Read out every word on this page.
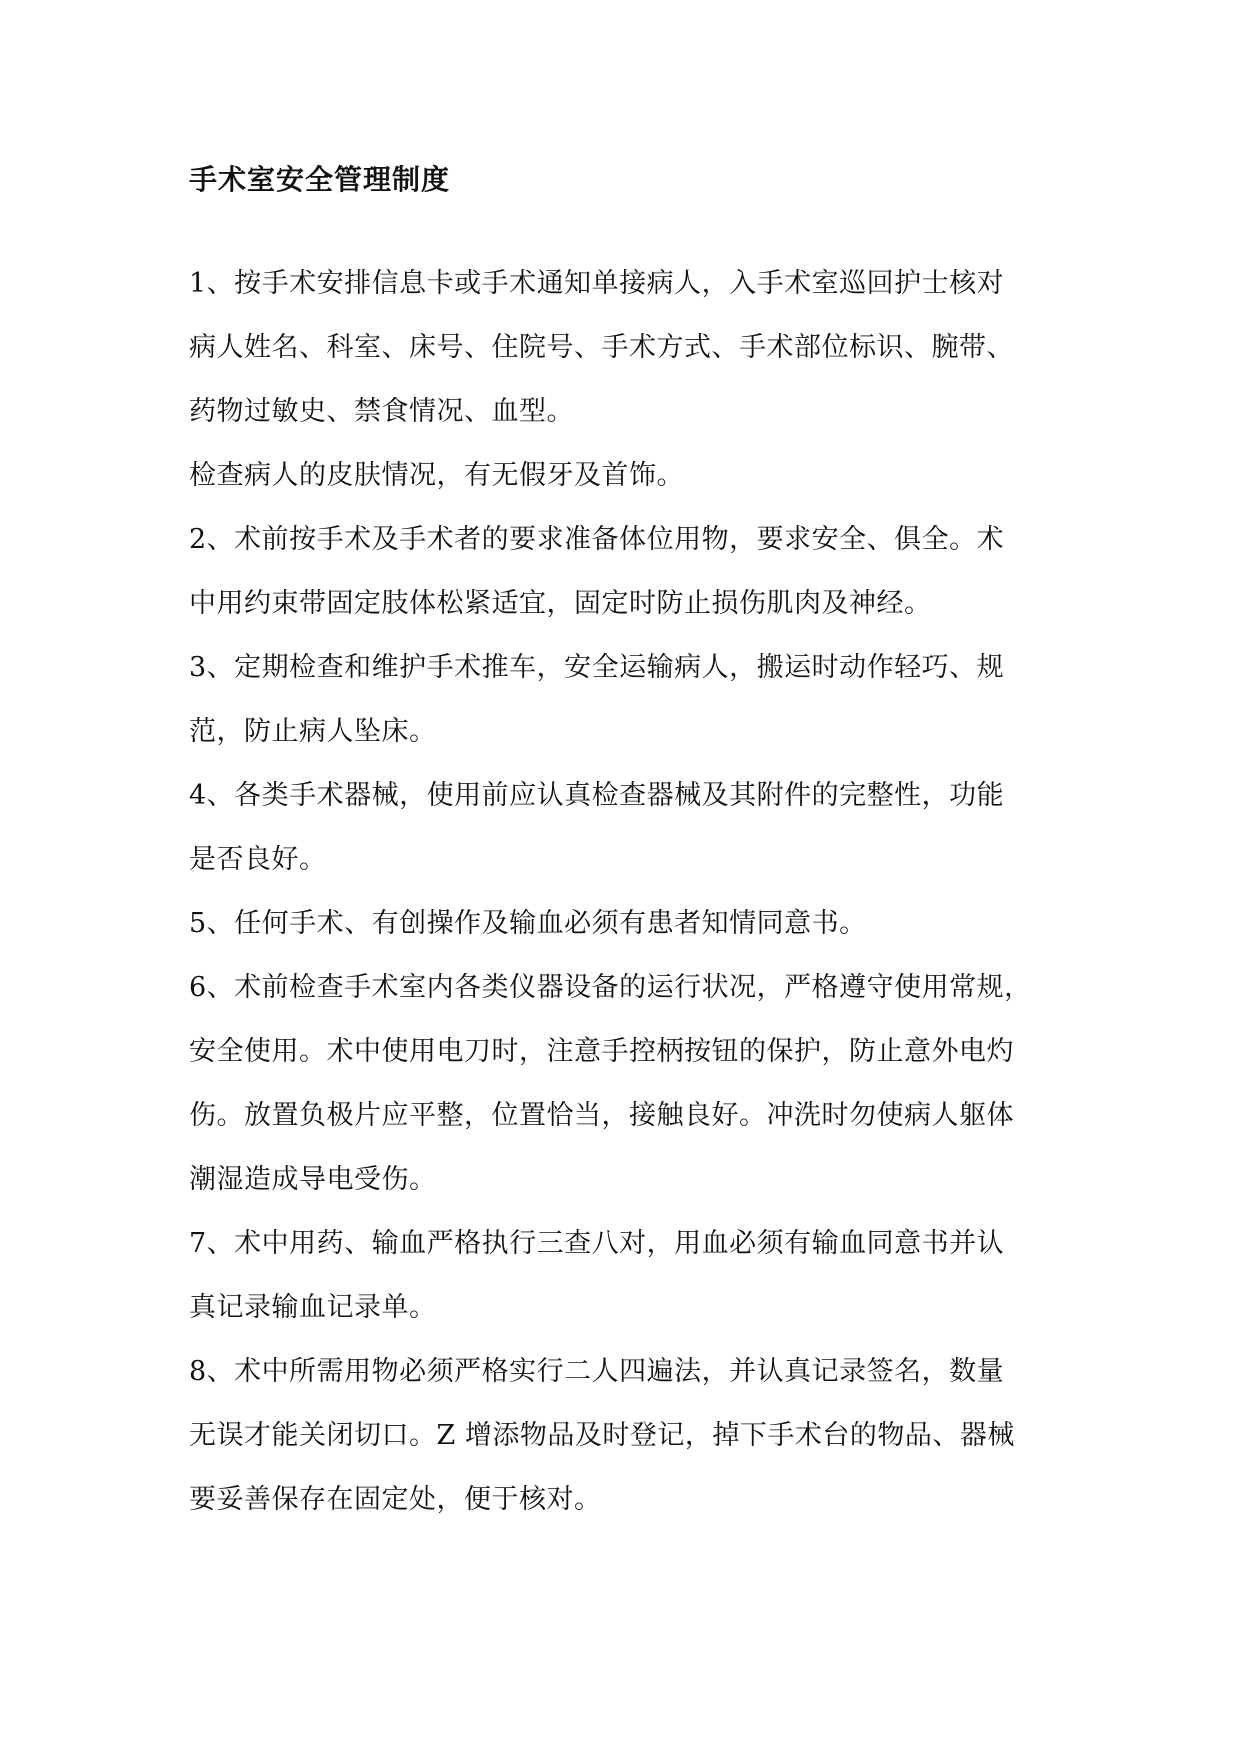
手术室安全管理制度

1、按手术安排信息卡或手术通知单接病人，入手术室巡回护士核对

病人姓名、科室、床号、住院号、手术方式、手术部位标识、腕带、

药物过敏史、禁食情况、血型。

检查病人的皮肤情况，有无假牙及首饰。

2、术前按手术及手术者的要求准备体位用物，要求安全、俱全。术

中用约束带固定肢体松紧适宜，固定时防止损伤肌肉及神经。

3、定期检查和维护手术推车，安全运输病人，搬运时动作轻巧、规

范，防止病人坠床。

4、各类手术器械，使用前应认真检查器械及其附件的完整性，功能

是否良好。

5、任何手术、有创操作及输血必须有患者知情同意书。

6、术前检查手术室内各类仪器设备的运行状况，严格遵守使用常规，

安全使用。术中使用电刀时，注意手控柄按钮的保护，防止意外电灼

伤。放置负极片应平整，位置恰当，接触良好。冲洗时勿使病人躯体

潮湿造成导电受伤。

7、术中用药、输血严格执行三查八对，用血必须有输血同意书并认

真记录输血记录单。

8、术中所需用物必须严格实行二人四遍法，并认真记录签名，数量

无误才能关闭切口。Z 增添物品及时登记，掉下手术台的物品、器械

要妥善保存在固定处，便于核对。
